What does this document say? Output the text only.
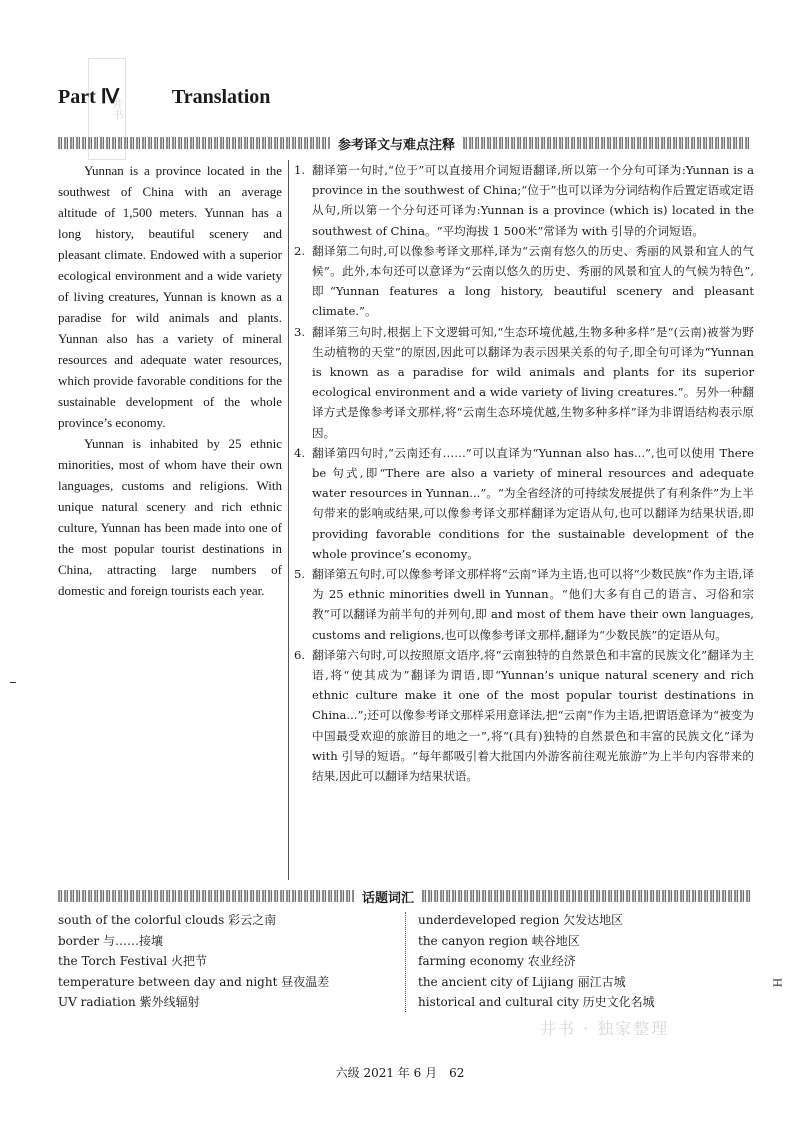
井书
Part Ⅳ	Translation
参考译文与难点注释

Yunnan is a province located in the southwest of China with an average altitude of 1,500 meters. Yunnan has a long history, beautiful scenery and pleasant climate. Endowed with a superior ecological environment and a wide variety of living creatures, Yunnan is known as a paradise for wild animals and plants. Yunnan also has a variety of mineral resources and adequate water resources, which provide favorable conditions for the sustainable development of the whole province’s economy.

Yunnan is inhabited by 25 ethnic minorities, most of whom have their own languages, customs and religions. With unique natural scenery and rich ethnic culture, Yunnan has been made into one of the most popular tourist destinations in China, attracting large numbers of domestic and foreign tourists each year.

1. 翻译第一句时,“位于”可以直接用介词短语翻译,所以第一个分句可译为:Yunnan is a province in the southwest of China;“位于”也可以译为分词结构作后置定语或定语从句,所以第一个分句还可译为:Yunnan is a province (which is) located in the southwest of China。“平均海拔 1 500米”常译为 with 引导的介词短语。
2. 翻译第二句时,可以像参考译文那样,译为“云南有悠久的历史、秀丽的风景和宜人的气候”。此外,本句还可以意译为“云南以悠久的历史、秀丽的风景和宜人的气候为特色”,即“Yunnan features a long history, beautiful scenery and pleasant climate.”。
3. 翻译第三句时,根据上下文逻辑可知,“生态环境优越,生物多种多样”是“(云南)被誉为野生动植物的天堂”的原因,因此可以翻译为表示因果关系的句子,即全句可译为“Yunnan is known as a paradise for wild animals and plants for its superior ecological environment and a wide variety of living creatures.”。另外一种翻译方式是像参考译文那样,将“云南生态环境优越,生物多种多样”译为非谓语结构表示原因。
4. 翻译第四句时,“云南还有……”可以直译为“Yunnan also has...”,也可以使用 There be 句式,即“There are also a variety of mineral resources and adequate water resources in Yunnan...”。“为全省经济的可持续发展提供了有利条件”为上半句带来的影响或结果,可以像参考译文那样翻译为定语从句,也可以翻译为结果状语,即 providing favorable conditions for the sustainable development of the whole province’s economy。
5. 翻译第五句时,可以像参考译文那样将“云南”译为主语,也可以将“少数民族”作为主语,译为 25 ethnic minorities dwell in Yunnan。“他们大多有自己的语言、习俗和宗教”可以翻译为前半句的并列句,即 and most of them have their own languages, customs and religions,也可以像参考译文那样,翻译为“少数民族”的定语从句。
6. 翻译第六句时,可以按照原文语序,将“云南独特的自然景色和丰富的民族文化”翻译为主语,将“使其成为”翻译为谓语,即“Yunnan’s unique natural scenery and rich ethnic culture make it one of the most popular tourist destinations in China...”;还可以像参考译文那样采用意译法,把“云南”作为主语,把谓语意译为“被变为中国最受欢迎的旅游目的地之一”,将“(具有)独特的自然景色和丰富的民族文化”译为 with 引导的短语。“每年都吸引着大批国内外游客前往观光旅游”为上半句内容带来的结果,因此可以翻译为结果状语。
话题词汇
south of the colorful clouds 彩云之南
border 与……接壤
the Torch Festival 火把节
temperature between day and night 昼夜温差
UV radiation 紫外线辐射
underdeveloped region 欠发达地区
the canyon region 峡谷地区
farming economy 农业经济
the ancient city of Lijiang 丽江古城
historical and cultural city 历史文化名城
井书 · 独家整理
H
六级 2021 年 6 月　62
